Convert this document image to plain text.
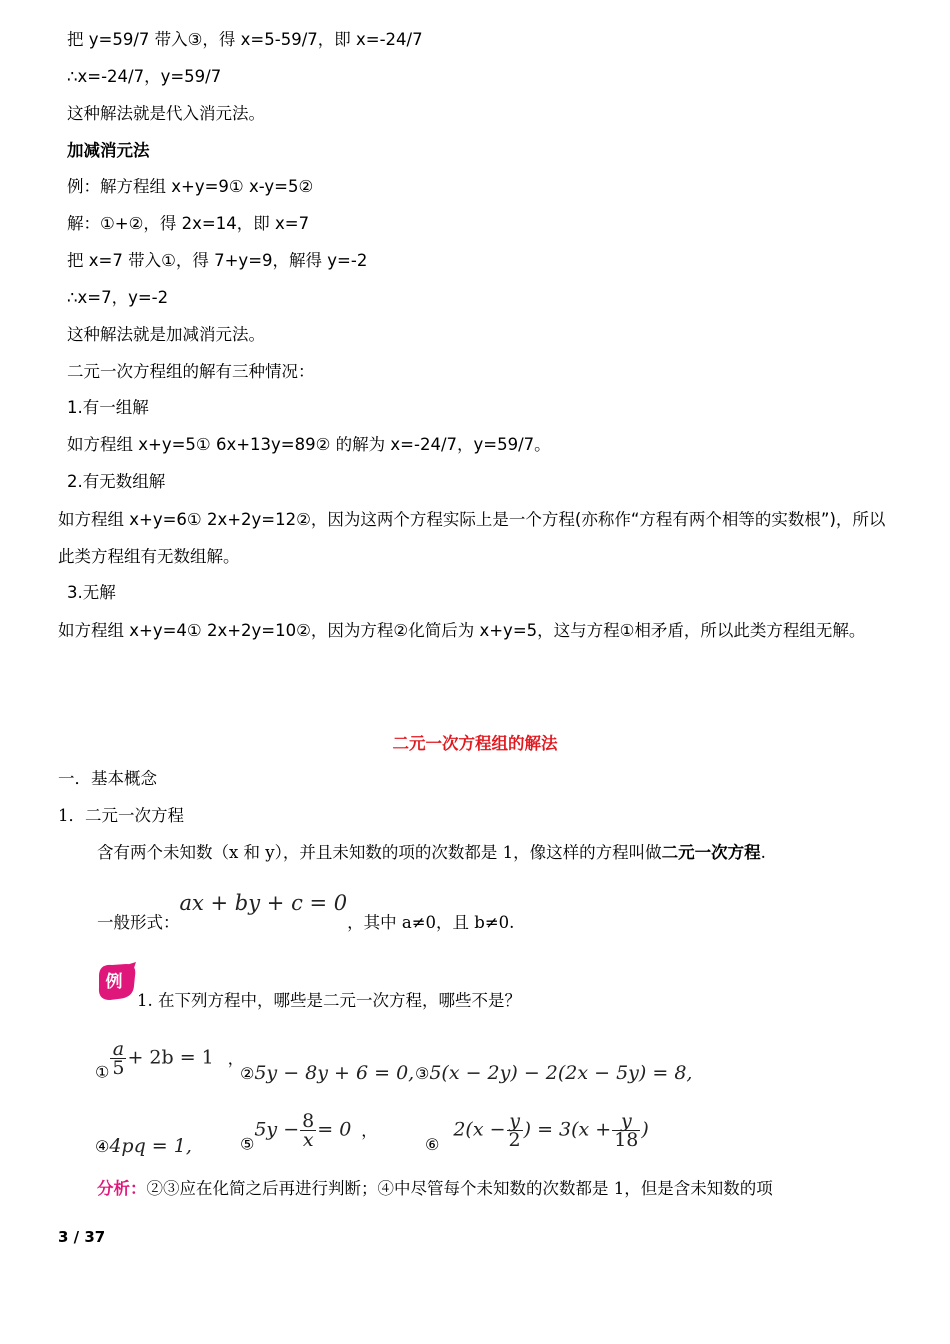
把 y=59/7 带入③，得 x=5-59/7，即 x=-24/7
∴x=-24/7，y=59/7
这种解法就是代入消元法。
加减消元法
例：解方程组 x+y=9① x-y=5②
解：①+②，得 2x=14，即 x=7
把 x=7 带入①，得 7+y=9，解得 y=-2
∴x=7，y=-2
这种解法就是加减消元法。
二元一次方程组的解有三种情况：
1.有一组解
如方程组 x+y=5① 6x+13y=89② 的解为 x=-24/7，y=59/7。
2.有无数组解
如方程组 x+y=6① 2x+2y=12②，因为这两个方程实际上是一个方程(亦称作“方程有两个相等的实数根”)，所以此类方程组有无数组解。
3.无解
如方程组 x+y=4① 2x+2y=10②，因为方程②化简后为 x+y=5，这与方程①相矛盾，所以此类方程组无解。
二元一次方程组的解法
一．基本概念
1．二元一次方程
含有两个未知数（x 和 y），并且未知数的项的次数都是 1，像这样的方程叫做二元一次方程.
一般形式：ax + by + c = 0，其中 a≠0，且 b≠0.
例
1. 在下列方程中，哪些是二元一次方程，哪些不是？
$_① \frac{a}{5} + 2b = 1$ ，
②5y − 8y + 6 = 0, ③5(x − 2y) − 2(2x − 5y) = 8,
④4pq = 1,	$_⑤5y - \frac{8}{x} = 0$ ，
$_⑥2(x - \frac{y}{2}$ ) = $3(x + \frac{y}{18}$ )
分析：②③应在化简之后再进行判断；④中尽管每个未知数的次数都是 1，但是含未知数的项
3 / 37
